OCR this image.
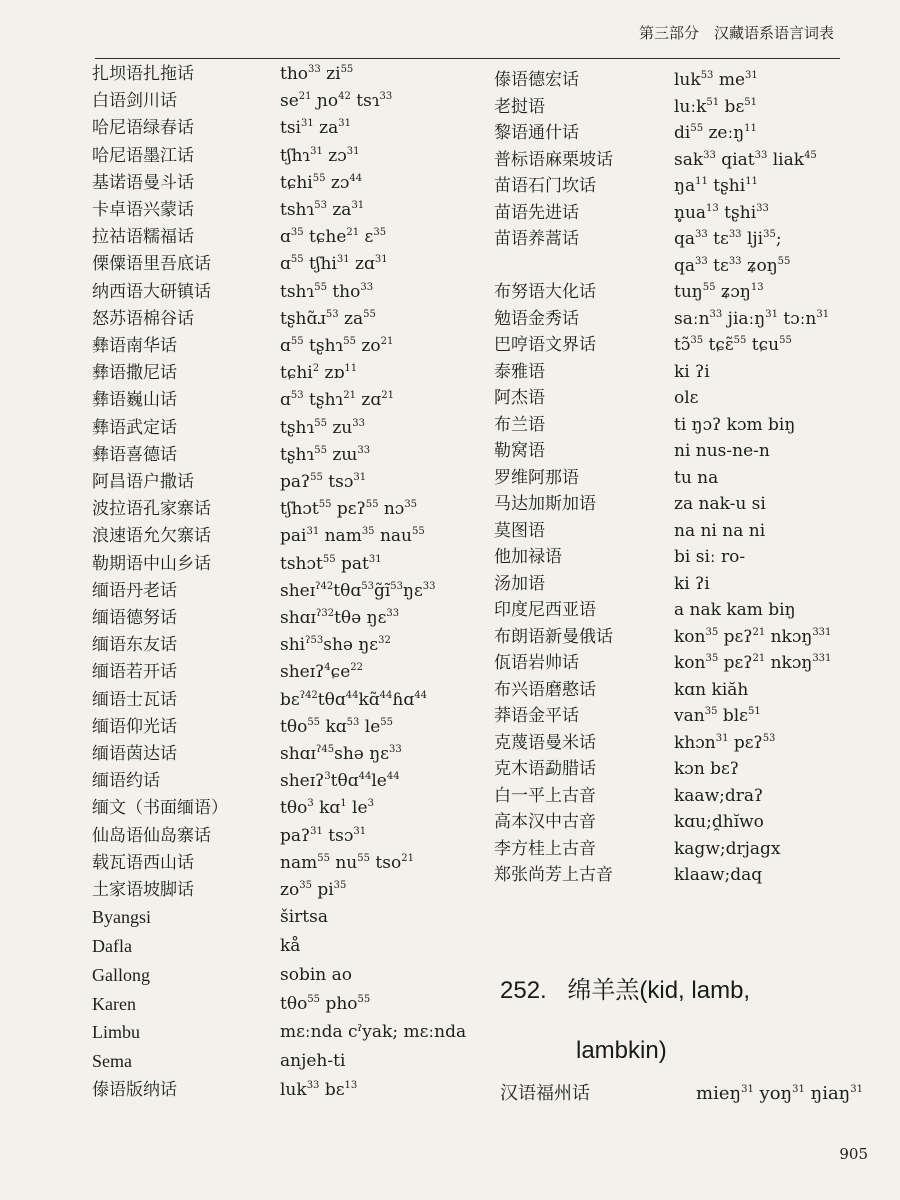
第三部分　汉藏语系语言词表
扎坝语扎拖话	tho$^{33}$ $zi^{55}$
白语剑川话	$se^{21}$ ɲo$^{42}$ tsɿ$^{33}$
哈尼语绿春话	tsi$^{31}$ $za^{31}$
哈尼语墨江话	tʃhɿ$^{31}$ zɔ$^{31}$
基诺语曼斗话	tɕhi$^{55}$ zɔ$^{44}$
卡卓语兴蒙话	tshɿ$^{53}$ $za^{31}$
拉祜语糯福话	ɑ$^{35}$ tɕhe$^{21}$ ɛ$^{35}$
傈僳语里吾底话	ɑ$^{55}$ tʃhi$^{31}$ zɑ$^{31}$
纳西语大研镇话	tshɿ$^{55}$ tho$^{33}$
怒苏语棉谷话	tʂhɑ̃ɹ$^{53}$ $za^{55}$
彝语南华话	ɑ$^{55}$ tʂhɿ$^{55}$ $zo^{21}$
彝语撒尼话	tɕhi$^2$ zɒ$^{11}$
彝语巍山话	ɑ$^{53}$ tʂhɿ$^{21}$ zɑ$^{21}$
彝语武定话	tʂhɿ$^{55}$ $zu^{33}$
彝语喜德话	tʂhɿ$^{55}$ zɯ$^{33}$
阿昌语户撒话	paʔ$^{55}$ tsɔ$^{31}$
波拉语孔家寨话	tʃhɔt$^{55}$ pɛʔ$^{55}$ nɔ$^{35}$
浪速语允欠寨话	pai$^{31}$ nam$^{35}$ nau$^{55}$
勒期语中山乡话	tshɔt$^{55}$ pat$^{31}$
缅语丹老话	$sheɪ^{ʔ42}t\theta ɑ^{53}g̃ĩ^{53}ŋɛ^{33}$
缅语德努话	shɑɪ$^{ʔ32}$tθə ŋɛ$^{33}$
缅语东友话	shi$^{ʔ53}$shə ŋɛ$^{32}$
缅语若开话	sheɪʔ$^4$ɕe$^{22}$
缅语士瓦话	bɛ$^{ʔ42}$tθɑ$^{44}$kɑ̃$^{44}$ɦɑ$^{44}$
缅语仰光话	tθo$^{55}$ kɑ$^{53}$ $le^{55}$
缅语茵达话	shɑɪ$^{ʔ45}$shə ŋɛ$^{33}$
缅语约话	$sheɪʔ^3t\theta ɑ^{44}le^{44}$
缅文（书面缅语）	tθo$^3$ kɑ$^1$ $le^3$
仙岛语仙岛寨话	paʔ$^{31}$ tsɔ$^{31}$
载瓦语西山话	nam$^{55}$ $nu^{55}$ tso$^{21}$
土家语坡脚话	$zo^{35}$ $pi^{35}$
Byangsi	širtsa
Dafla	kå
Gallong	sobin ao
Karen	tθo$^{55}$ pho$^{55}$
Limbu	mɛːnda cˀyak; mɛːnda
Sema	anjeh-ti
傣语版纳话	luk$^{33}$ bɛ$^{13}$
傣语德宏话	luk$^{53}$ $me^{31}$
老挝语	luːk$^{51}$ bɛ$^{51}$
黎语通什话	$di^{55}$ zeːŋ$^{11}$
普标语麻栗坡话	sak$^{33}$ qiat$^{33}$ liak$^{45}$
苗语石门坎话	$ŋa^{11}$ tʂhi$^{11}$
苗语先进话	$n̥ua^{13}$ tʂhi$^{33}$
苗语养蒿话	$qa^{33}$ tɛ$^{33}$ lji$^{35}$;
$qa^{33}$ tɛ$^{33}$ ʑoŋ$^{55}$
布努语大化话	tuŋ$^{55}$ ʑɔŋ$^{13}$
勉语金秀话	saːn$^{33}$ jiaːŋ$^{31}$ tɔːn$^{31}$
巴哼语文界话	tɔ̃$^{35}$ tɕɛ̃$^{55}$ tɕu$^{55}$
泰雅语	ki ʔi
阿杰语	olɛ
布兰语	ti ŋɔʔ kɔm biŋ
勒窝语	ni nus-ne-n
罗维阿那语	tu na
马达加斯加语	za nak-u si
莫图语	na ni na ni
他加禄语	bi siː ro-
汤加语	ki ʔi
印度尼西亚语	a nak kam biŋ
布朗语新曼俄话	kon$^{35}$ pɛʔ$^{21}$ nkɔŋ$^{331}$
佤语岩帅话	kon$^{35}$ pɛʔ$^{21}$ nkɔŋ$^{331}$
布兴语磨憨话	kɑn kiăh
莽语金平话	van$^{35}$ blɛ$^{51}$
克蔑语曼米话	khɔn$^{31}$ pɛʔ$^{53}$
克木语勐腊话	kɔn bɛʔ
白一平上古音	kaaw;draʔ
高本汉中古音	kɑu;d̯hĭwo
李方桂上古音	kagw;drjagx
郑张尚芳上古音	klaaw;daq
252. 绵羊羔(kid, lamb,
lambkin)
汉语福州话	mieŋ$^{31}$ yoŋ$^{31}$ ŋiaŋ$^{31}$
905
